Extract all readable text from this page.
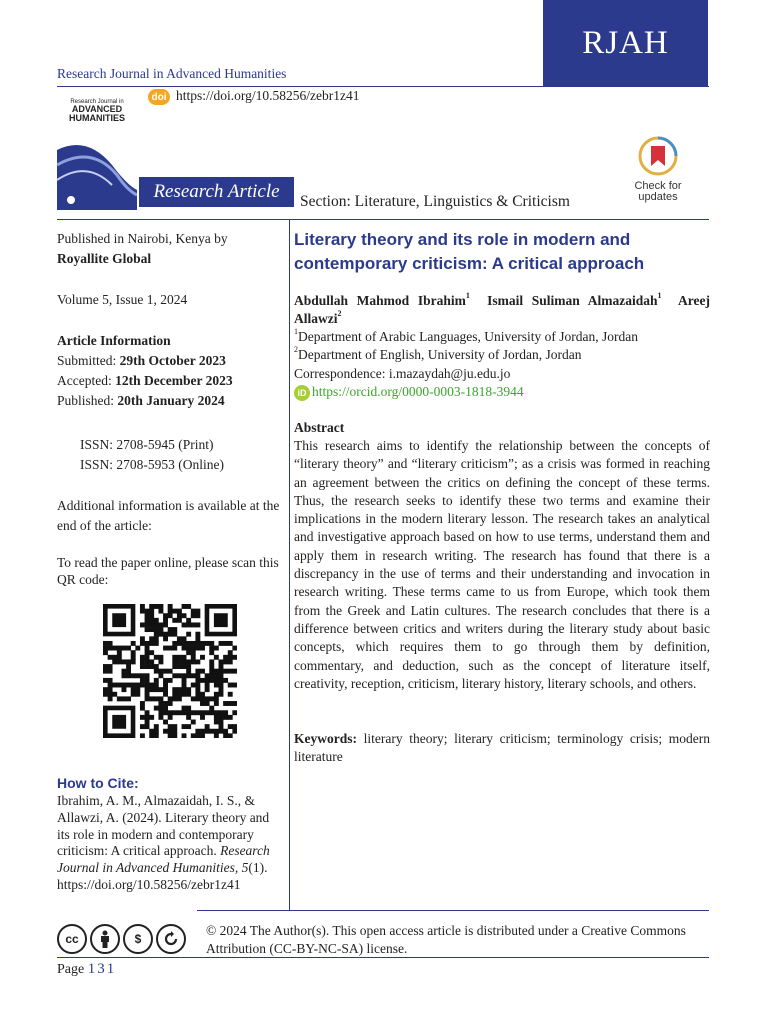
RJAH
Research Journal in Advanced Humanities
Research Journal in
ADVANCED
HUMANITIES
doi https://doi.org/10.58256/zebr1z41
Research Article Section: Literature, Linguistics & Criticism
Check for updates
Published in Nairobi, Kenya by
Royallite Global
Volume 5, Issue 1, 2024
Article Information
Submitted: 29th October 2023
Accepted: 12th December 2023
Published: 20th January 2024
ISSN: 2708-5945 (Print)
ISSN: 2708-5953 (Online)
Additional information is available at the end of the article:
To read the paper online, please scan this QR code:
How to Cite:
Ibrahim, A. M., Almazaidah, I. S., & Allawzi, A. (2024). Literary theory and its role in modern and contemporary criticism: A critical approach. Research Journal in Advanced Humanities, 5(1). https://doi.org/10.58256/zebr1z41
Literary theory and its role in modern and contemporary criticism: A critical approach
Abdullah Mahmod Ibrahim$^1$ Ismail Suliman Almazaidah$^1$ Areej Allawzi$^2$
$^1$Department of Arabic Languages, University of Jordan, Jordan
$^2$Department of English, University of Jordan, Jordan
Correspondence: i.mazaydah@ju.edu.jo
iD https://orcid.org/0000-0003-1818-3944
Abstract
This research aims to identify the relationship between the concepts of “literary theory” and “literary criticism”; as a crisis was formed in reaching an agreement between the critics on defining the concept of these terms. Thus, the research seeks to identify these two terms and examine their implications in the modern literary lesson. The research takes an analytical and investigative approach based on how to use terms, understand them and apply them in research writing. The research has found that there is a discrepancy in the use of terms and their understanding and invocation in research writing. These terms came to us from Europe, which took them from the Greek and Latin cultures. The research concludes that there is a difference between critics and writers during the literary study about basic concepts, which requires them to go through them by definition, commentary, and deduction, such as the concept of literature itself, creativity, reception, criticism, literary history, literary schools, and others.
Keywords: literary theory; literary criticism; terminology crisis; modern literature
cc	$
© 2024 The Author(s). This open access article is distributed under a Creative Commons Attribution (CC-BY-NC-SA) license.
Page 131
